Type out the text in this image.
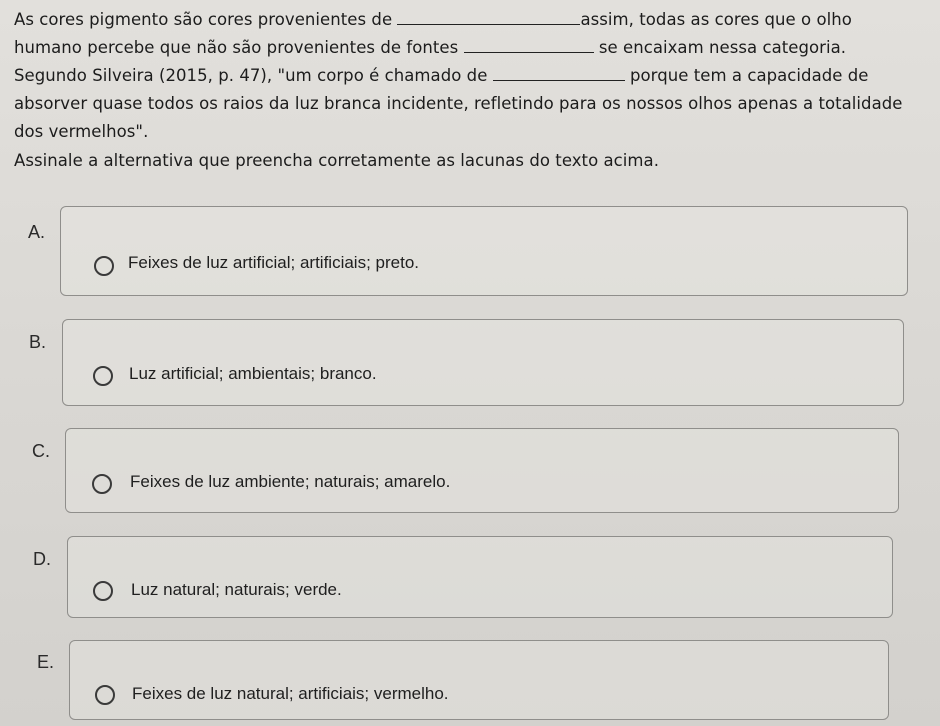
As cores pigmento são cores provenientes de	assim, todas as cores que o olho
humano percebe que não são provenientes de fontes	se encaixam nessa categoria.
Segundo Silveira (2015, p. 47), "um corpo é chamado de	porque tem a capacidade de
absorver quase todos os raios da luz branca incidente, refletindo para os nossos olhos apenas a totalidade
dos vermelhos".
Assinale a alternativa que preencha corretamente as lacunas do texto acima.
A.
Feixes de luz artificial; artificiais; preto.
B.
Luz artificial; ambientais; branco.
C.
Feixes de luz ambiente; naturais; amarelo.
D.
Luz natural; naturais; verde.
E.
Feixes de luz natural; artificiais; vermelho.
